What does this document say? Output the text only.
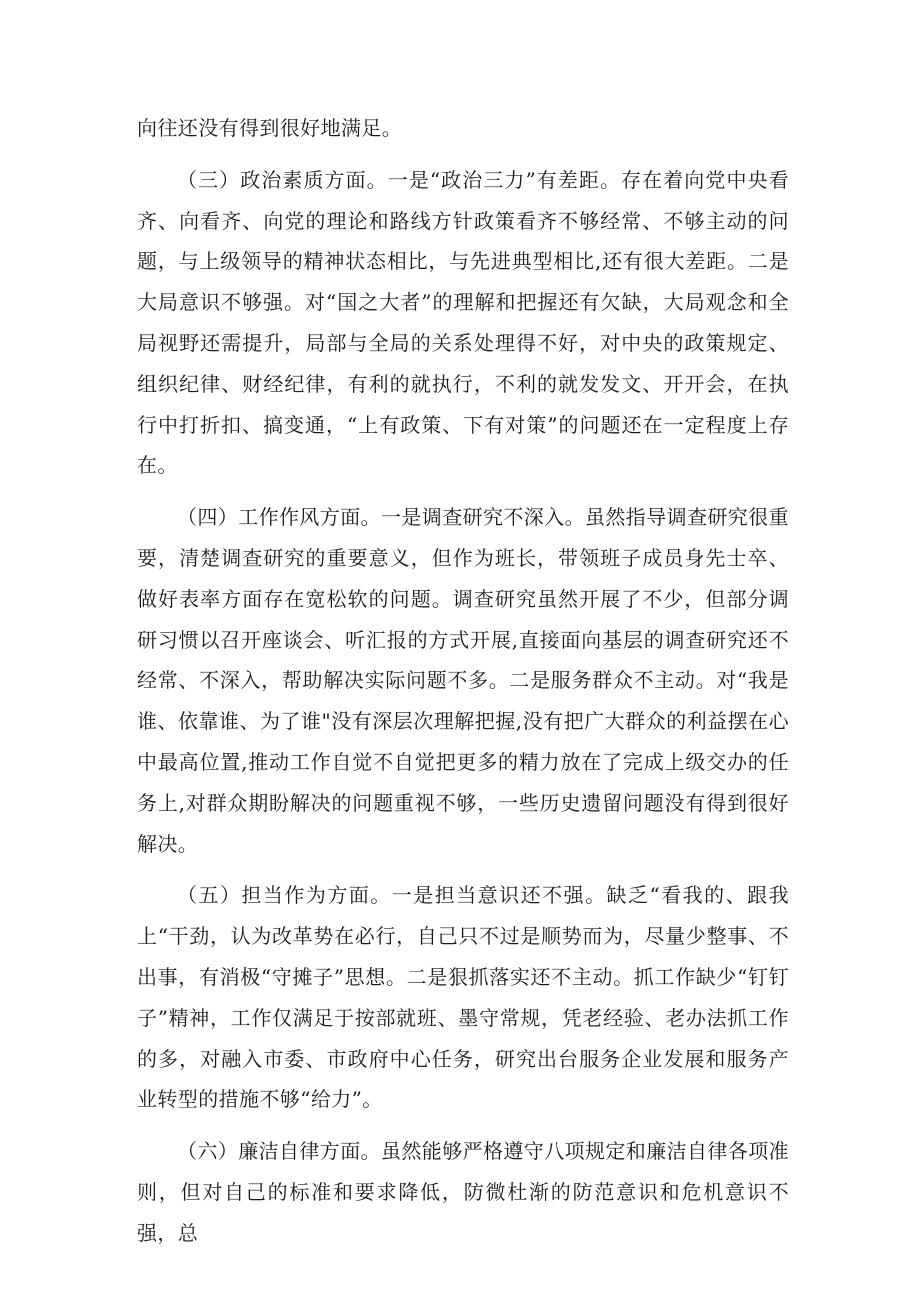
向往还没有得到很好地满足。

（三）政治素质方面。一是“政治三力”有差距。存在着向党中央看齐、向看齐、向党的理论和路线方针政策看齐不够经常、不够主动的问题，与上级领导的精神状态相比，与先进典型相比,还有很大差距。二是大局意识不够强。对“国之大者”的理解和把握还有欠缺，大局观念和全局视野还需提升，局部与全局的关系处理得不好，对中央的政策规定、组织纪律、财经纪律，有利的就执行，不利的就发发文、开开会，在执行中打折扣、搞变通，“上有政策、下有对策”的问题还在一定程度上存在。

（四）工作作风方面。一是调查研究不深入。虽然指导调查研究很重要，清楚调查研究的重要意义，但作为班长，带领班子成员身先士卒、做好表率方面存在宽松软的问题。调查研究虽然开展了不少，但部分调研习惯以召开座谈会、听汇报的方式开展,直接面向基层的调查研究还不经常、不深入，帮助解决实际问题不多。二是服务群众不主动。对“我是谁、依靠谁、为了谁"没有深层次理解把握,没有把广大群众的利益摆在心中最高位置,推动工作自觉不自觉把更多的精力放在了完成上级交办的任务上,对群众期盼解决的问题重视不够，一些历史遗留问题没有得到很好解决。

（五）担当作为方面。一是担当意识还不强。缺乏“看我的、跟我上“干劲，认为改革势在必行，自己只不过是顺势而为，尽量少整事、不出事，有消极“守摊子”思想。二是狠抓落实还不主动。抓工作缺少“钉钉子”精神，工作仅满足于按部就班、墨守常规，凭老经验、老办法抓工作的多，对融入市委、市政府中心任务，研究出台服务企业发展和服务产业转型的措施不够“给力”。

（六）廉洁自律方面。虽然能够严格遵守八项规定和廉洁自律各项准则，但对自己的标准和要求降低，防微杜渐的防范意识和危机意识不强，总
